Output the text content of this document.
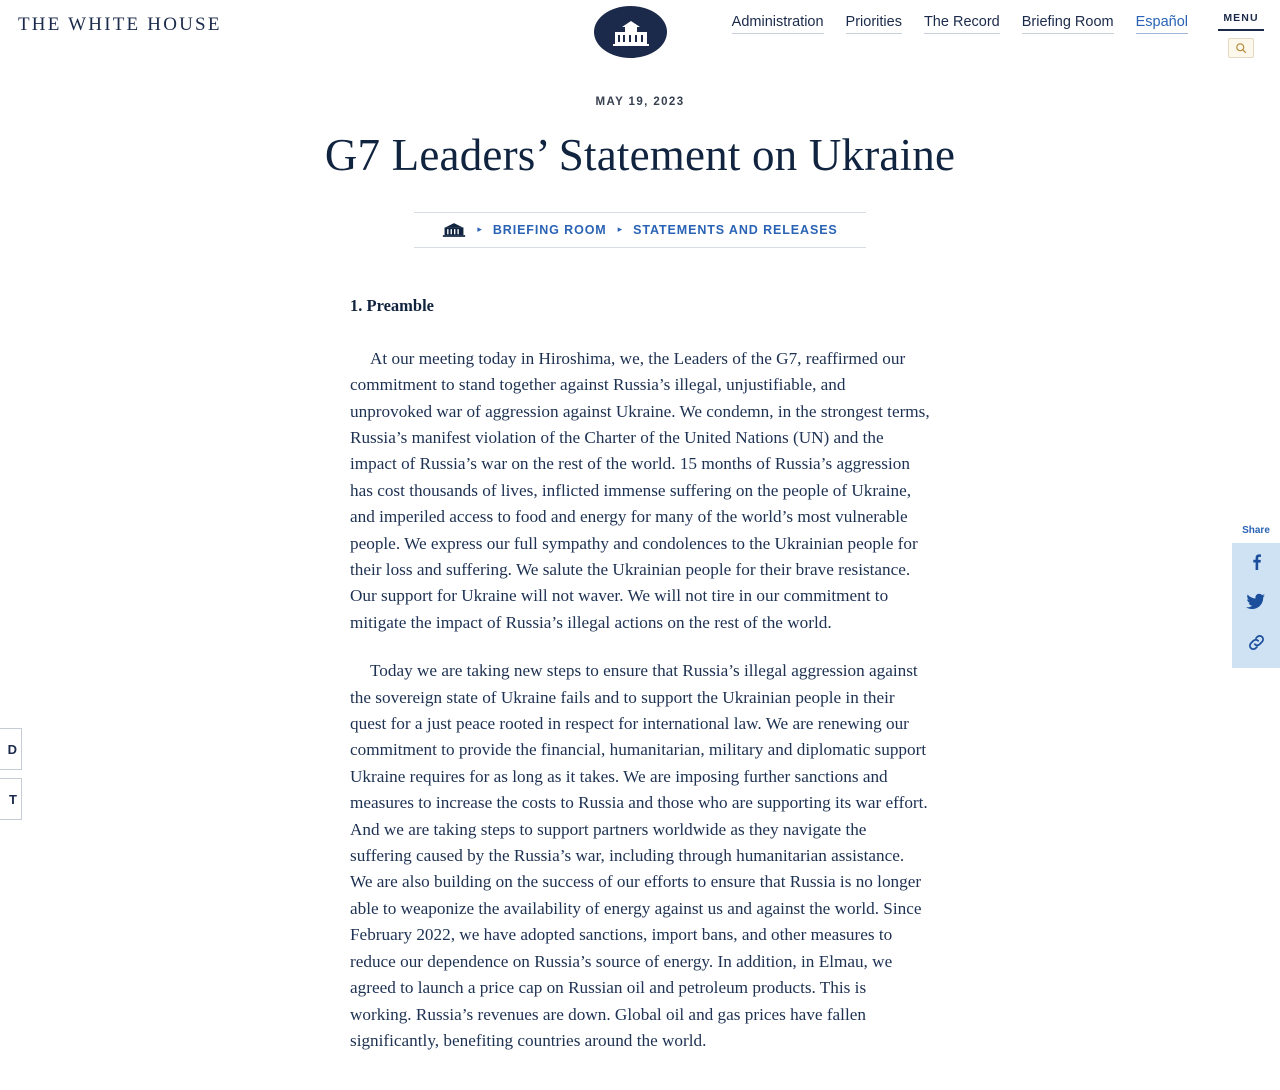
THE WHITE HOUSE	Administration Priorities The Record Briefing Room Español	MENU
MAY 19, 2023
G7 Leaders’ Statement on Ukraine
▸ BRIEFING ROOM ▸ STATEMENTS AND RELEASES
1. Preamble

At our meeting today in Hiroshima, we, the Leaders of the G7, reaffirmed our commitment to stand together against Russia’s illegal, unjustifiable, and unprovoked war of aggression against Ukraine. We condemn, in the strongest terms, Russia’s manifest violation of the Charter of the United Nations (UN) and the impact of Russia’s war on the rest of the world. 15 months of Russia’s aggression has cost thousands of lives, inflicted immense suffering on the people of Ukraine, and imperiled access to food and energy for many of the world’s most vulnerable people. We express our full sympathy and condolences to the Ukrainian people for their loss and suffering. We salute the Ukrainian people for their brave resistance. Our support for Ukraine will not waver. We will not tire in our commitment to mitigate the impact of Russia’s illegal actions on the rest of the world.

Today we are taking new steps to ensure that Russia’s illegal aggression against the sovereign state of Ukraine fails and to support the Ukrainian people in their quest for a just peace rooted in respect for international law. We are renewing our commitment to provide the financial, humanitarian, military and diplomatic support Ukraine requires for as long as it takes. We are imposing further sanctions and measures to increase the costs to Russia and those who are supporting its war effort. And we are taking steps to support partners worldwide as they navigate the suffering caused by the Russia’s war, including through humanitarian assistance. We are also building on the success of our efforts to ensure that Russia is no longer able to weaponize the availability of energy against us and against the world. Since February 2022, we have adopted sanctions, import bans, and other measures to reduce our dependence on Russia’s source of energy. In addition, in Elmau, we agreed to launch a price cap on Russian oil and petroleum products. This is working. Russia’s revenues are down. Global oil and gas prices have fallen significantly, benefiting countries around the world.

Share
D
T
